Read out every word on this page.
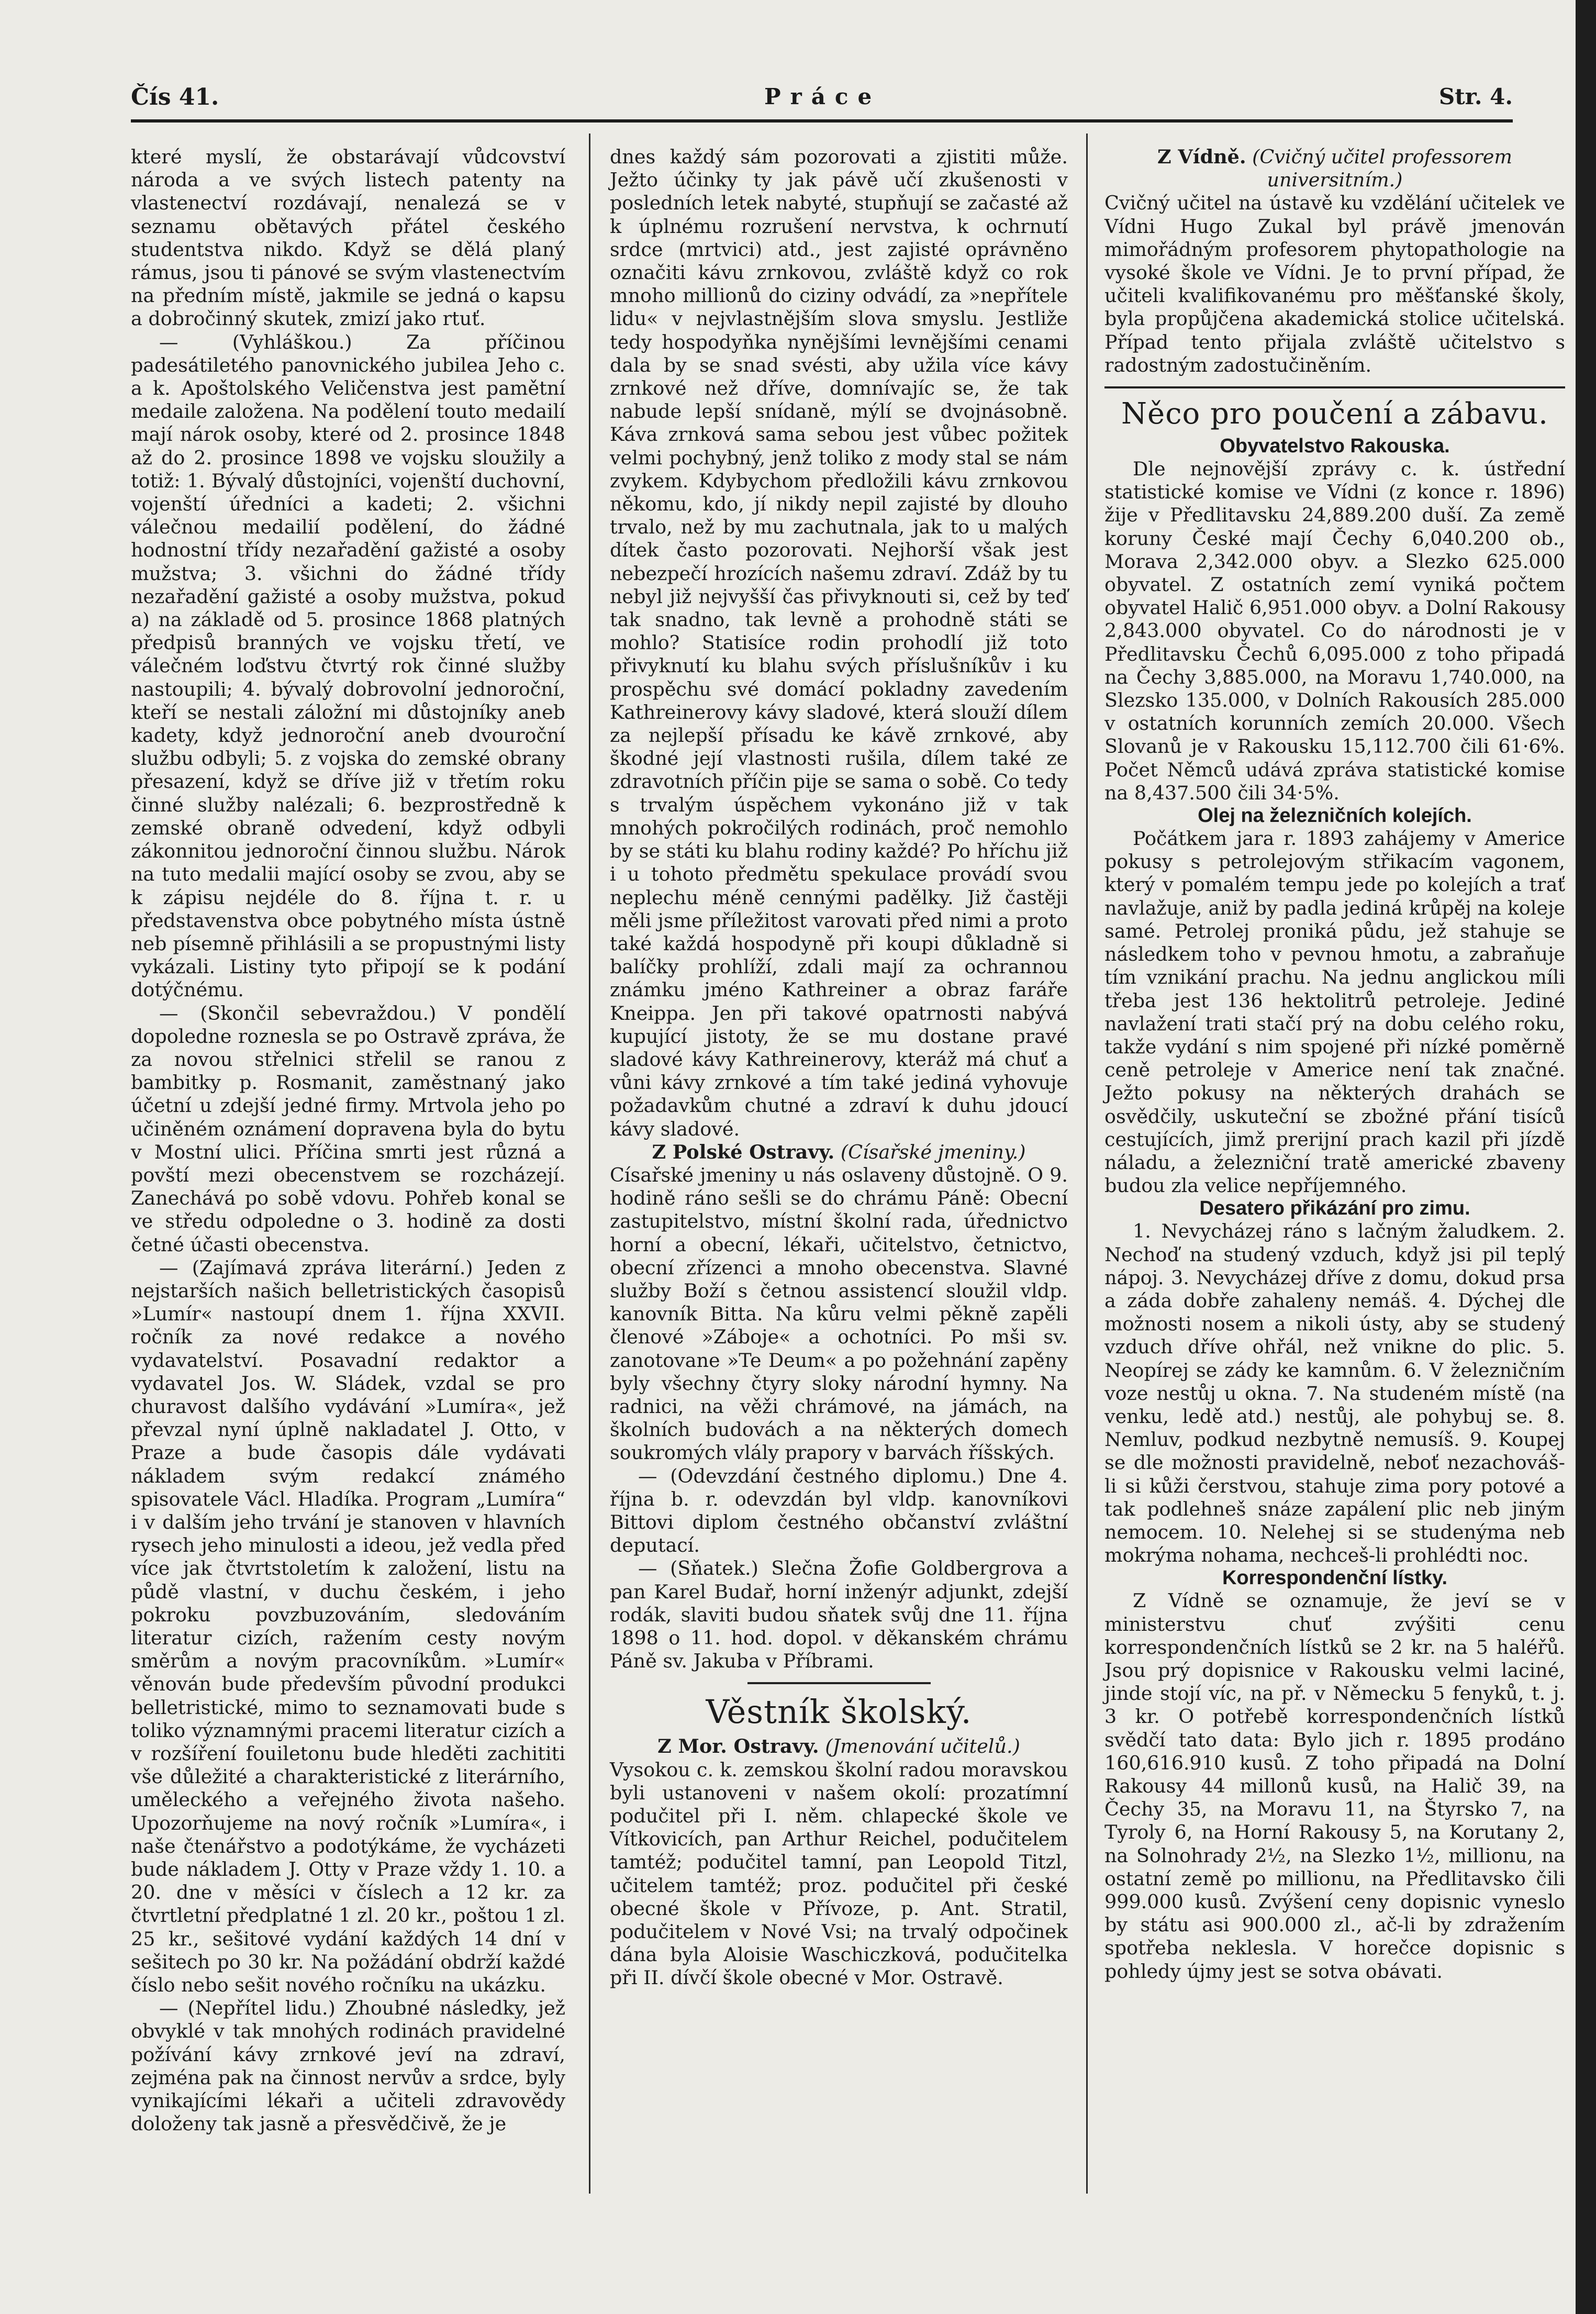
Čís 41.	Práce	Str. 4.

které myslí, že obstarávají vůdcovství národa a ve svých listech patenty na vlastenectví rozdávají, nenalezá se v seznamu obětavých přátel českého studentstva nikdo. Když se dělá planý rámus, jsou ti pánové se svým vlastenectvím na předním místě, jakmile se jedná o kapsu a dobročinný skutek, zmizí jako rtuť.

— (Vyhláškou.) Za příčinou padesátiletého panovnického jubilea Jeho c. a k. Apoštolského Veličenstva jest pamětní medaile založena. Na podělení touto medailí mají nárok osoby, které od 2. prosince 1848 až do 2. prosince 1898 ve vojsku sloužily a totiž: 1. Bývalý důstojníci, vojenští duchovní, vojenští úředníci a kadeti; 2. všichni válečnou medailií podělení, do žádné hodnostní třídy nezařadění gažisté a osoby mužstva; 3. všichni do žádné třídy nezařadění gažisté a osoby mužstva, pokud a) na základě od 5. prosince 1868 platných předpisů branných ve vojsku třetí, ve válečném loďstvu čtvrtý rok činné služby nastoupili; 4. bývalý dobrovolní jednoroční, kteří se nestali záložní mi důstojníky aneb kadety, když jednoroční aneb dvouroční službu odbyli; 5. z vojska do zemské obrany přesazení, když se dříve již v třetím roku činné služby nalézali; 6. bezprostředně k zemské obraně odvedení, když odbyli zákonnitou jednoroční činnou službu. Nárok na tuto medalii mající osoby se zvou, aby se k zápisu nejdéle do 8. října t. r. u představenstva obce pobytného místa ústně neb písemně přihlásili a se propustnými listy vykázali. Listiny tyto připojí se k podání dotýčnému.

— (Skončil sebevraždou.) V pondělí dopoledne roznesla se po Ostravě zpráva, že za novou střelnici střelil se ranou z bambitky p. Rosmanit, zaměstnaný jako účetní u zdejší jedné firmy. Mrtvola jeho po učiněném oznámení dopravena byla do bytu v Mostní ulici. Příčina smrti jest různá a povští mezi obecenstvem se rozcházejí. Zanechává po sobě vdovu. Pohřeb konal se ve středu odpoledne o 3. hodině za dosti četné účasti obecenstva.

— (Zajímavá zpráva literární.) Jeden z nejstarších našich belletristických časopisů »Lumír« nastoupí dnem 1. října XXVII. ročník za nové redakce a nového vydavatelství. Posavadní redaktor a vydavatel Jos. W. Sládek, vzdal se pro churavost dalšího vydávání »Lumíra«, jež převzal nyní úplně nakladatel J. Otto, v Praze a bude časopis dále vydávati nákladem svým redakcí známého spisovatele Václ. Hladíka. Program „Lumíra“ i v dalším jeho trvání je stanoven v hlavních rysech jeho minulosti a ideou, jež vedla před více jak čtvrtstoletím k založení, listu na půdě vlastní, v duchu českém, i jeho pokroku povzbuzováním, sledováním literatur cizích, ražením cesty novým směrům a novým pracovníkům. »Lumír« věnován bude především původní produkci belletristické, mimo to seznamovati bude s toliko významnými pracemi literatur cizích a v rozšíření fouiletonu bude hleděti zachititi vše důležité a charakteristické z literárního, uměleckého a veřejného života našeho. Upozorňujeme na nový ročník »Lumíra«, i naše čtenářstvo a podotýkáme, že vycházeti bude nákladem J. Otty v Praze vždy 1. 10. a 20. dne v měsíci v číslech a 12 kr. za čtvrtletní předplatné 1 zl. 20 kr., poštou 1 zl. 25 kr., sešitové vydání každých 14 dní v sešitech po 30 kr. Na požádání obdrží každé číslo nebo sešit nového ročníku na ukázku.

— (Nepřítel lidu.) Zhoubné následky, jež obvyklé v tak mnohých rodinách pravidelné požívání kávy zrnkové jeví na zdraví, zejména pak na činnost nervův a srdce, byly vynikajícími lékaři a učiteli zdravovědy doloženy tak jasně a přesvědčivě, že je

dnes každý sám pozorovati a zjistiti může. Ježto účinky ty jak pávě učí zkušenosti v posledních letek nabyté, stupňují se začasté až k úplnému rozrušení nervstva, k ochrnutí srdce (mrtvici) atd., jest zajisté oprávněno označiti kávu zrnkovou, zvláště když co rok mnoho millionů do ciziny odvádí, za »nepřítele lidu« v nejvlastnějším slova smyslu. Jestliže tedy hospodyňka nynějšími levnějšími cenami dala by se snad svésti, aby užila více kávy zrnkové než dříve, domnívajíc se, že tak nabude lepší snídaně, mýlí se dvojnásobně. Káva zrnková sama sebou jest vůbec požitek velmi pochybný, jenž toliko z mody stal se nám zvykem. Kdybychom předložili kávu zrnkovou někomu, kdo, jí nikdy nepil zajisté by dlouho trvalo, než by mu zachutnala, jak to u malých dítek často pozorovati. Nejhorší však jest nebezpečí hrozících našemu zdraví. Zdáž by tu nebyl již nejvyšší čas přivyknouti si, cež by teď tak snadno, tak levně a prohodně státi se mohlo? Statisíce rodin prohodlí již toto přivyknutí ku blahu svých příslušníkův i ku prospěchu své domácí pokladny zavedením Kathreinerovy kávy sladové, která slouží dílem za nejlepší přísadu ke kávě zrnkové, aby škodné její vlastnosti rušila, dílem také ze zdravotních příčin pije se sama o sobě. Co tedy s trvalým úspěchem vykonáno již v tak mnohých pokročilých rodinách, proč nemohlo by se státi ku blahu rodiny každé? Po hříchu již i u tohoto předmětu spekulace provádí svou neplechu méně cennými padělky. Již častěji měli jsme příležitost varovati před nimi a proto také každá hospodyně při koupi důkladně si balíčky prohlíží, zdali mají za ochrannou známku jméno Kathreiner a obraz faráře Kneippa. Jen při takové opatrnosti nabývá kupující jistoty, že se mu dostane pravé sladové kávy Kathreinerovy, kteráž má chuť a vůni kávy zrnkové a tím také jediná vyhovuje požadavkům chutné a zdraví k duhu jdoucí kávy sladové.

Z Polské Ostravy. (Císařské jmeniny.)

Císařské jmeniny u nás oslaveny důstojně. O 9. hodině ráno sešli se do chrámu Páně: Obecní zastupitelstvo, místní školní rada, úřednictvo horní a obecní, lékaři, učitelstvo, četnictvo, obecní zřízenci a mnoho obecenstva. Slavné služby Boží s četnou assistencí sloužil vldp. kanovník Bitta. Na kůru velmi pěkně zapěli členové »Záboje« a ochotníci. Po mši sv. zanotovane »Te Deum« a po požehnání zapěny byly všechny čtyry sloky národní hymny. Na radnici, na věži chrámové, na jámách, na školních budovách a na některých domech soukromých vlály prapory v barvách říšských.

— (Odevzdání čestného diplomu.) Dne 4. října b. r. odevzdán byl vldp. kanovníkovi Bittovi diplom čestného občanství zvláštní deputací.

— (Sňatek.) Slečna Žofie Goldbergrova a pan Karel Budař, horní inženýr adjunkt, zdejší rodák, slaviti budou sňatek svůj dne 11. října 1898 o 11. hod. dopol. v děkanském chrámu Páně sv. Jakuba v Příbrami.

Věstník školský.

Z Mor. Ostravy. (Jmenování učitelů.)

Vysokou c. k. zemskou školní radou moravskou byli ustanoveni v našem okolí: prozatímní podučitel při I. něm. chlapecké škole ve Vítkovicích, pan Arthur Reichel, podučitelem tamtéž; podučitel tamní, pan Leopold Titzl, učitelem tamtéž; proz. podučitel při české obecné škole v Přívoze, p. Ant. Stratil, podučitelem v Nové Vsi; na trvalý odpočinek dána byla Aloisie Waschiczková, podučitelka při II. dívčí škole obecné v Mor. Ostravě.

Z Vídně. (Cvičný učitel professorem universitním.)

Cvičný učitel na ústavě ku vzdělání učitelek ve Vídni Hugo Zukal byl právě jmenován mimořádným profesorem phytopathologie na vysoké škole ve Vídni. Je to první případ, že učiteli kvalifikovanému pro měšťanské školy, byla propůjčena akademická stolice učitelská. Případ tento přijala zvláště učitelstvo s radostným zadostučiněním.

Něco pro poučení a zábavu.
Obyvatelstvo Rakouska.

Dle nejnovější zprávy c. k. ústřední statistické komise ve Vídni (z konce r. 1896) žije v Předlitavsku 24,889.200 duší. Za země koruny České mají Čechy 6,040.200 ob., Morava 2,342.000 obyv. a Slezko 625.000 obyvatel. Z ostatních zemí vyniká počtem obyvatel Halič 6,951.000 obyv. a Dolní Rakousy 2,843.000 obyvatel. Co do národnosti je v Předlitavsku Čechů 6,095.000 z toho připadá na Čechy 3,885.000, na Moravu 1,740.000, na Slezsko 135.000, v Dolních Rakousích 285.000 v ostatních korunních zemích 20.000. Všech Slovanů je v Rakousku 15,112.700 čili 61·6%. Počet Němců udává zpráva statistické komise na 8,437.500 čili 34·5%.

Olej na železničních kolejích.

Počátkem jara r. 1893 zahájemy v Americe pokusy s petrolejovým střikacím vagonem, který v pomalém tempu jede po kolejích a trať navlažuje, aniž by padla jediná krůpěj na koleje samé. Petrolej proniká půdu, jež stahuje se následkem toho v pevnou hmotu, a zabraňuje tím vznikání prachu. Na jednu anglickou míli třeba jest 136 hektolitrů petroleje. Jediné navlažení trati stačí prý na dobu celého roku, takže vydání s nim spojené při nízké poměrně ceně petroleje v Americe není tak značné. Ježto pokusy na některých drahách se osvědčily, uskuteční se zbožné přání tisíců cestujících, jimž prerijní prach kazil při jízdě náladu, a železniční tratě americké zbaveny budou zla velice nepříjemného.

Desatero přikázání pro zimu.

1. Nevycházej ráno s lačným žaludkem. 2. Nechoď na studený vzduch, když jsi pil teplý nápoj. 3. Nevycházej dříve z domu, dokud prsa a záda dobře zahaleny nemáš. 4. Dýchej dle možnosti nosem a nikoli ústy, aby se studený vzduch dříve ohřál, než vnikne do plic. 5. Neopírej se zády ke kamnům. 6. V železničním voze nestůj u okna. 7. Na studeném místě (na venku, ledě atd.) nestůj, ale pohybuj se. 8. Nemluv, podkud nezbytně nemusíš. 9. Koupej se dle možnosti pravidelně, neboť nezachováš-li si kůži čerstvou, stahuje zima pory potové a tak podlehneš snáze zapálení plic neb jiným nemocem. 10. Nelehej si se studenýma neb mokrýma nohama, nechceš-li prohlédti noc.

Korrespondenční lístky.

Z Vídně se oznamuje, že jeví se v ministerstvu chuť zvýšiti cenu korrespondenčních lístků se 2 kr. na 5 haléřů. Jsou prý dopisnice v Rakousku velmi laciné, jinde stojí víc, na př. v Německu 5 fenyků, t. j. 3 kr. O potřebě korrespondenčních lístků svědčí tato data: Bylo jich r. 1895 prodáno 160,616.910 kusů. Z toho připadá na Dolní Rakousy 44 millonů kusů, na Halič 39, na Čechy 35, na Moravu 11, na Štyrsko 7, na Tyroly 6, na Horní Rakousy 5, na Korutany 2, na Solnohrady 2½, na Slezko 1½, millionu, na ostatní země po millionu, na Předlitavsko čili 999.000 kusů. Zvýšení ceny dopisnic vyneslo by státu asi 900.000 zl., ač-li by zdražením spotřeba neklesla. V horečce dopisnic s pohledy újmy jest se sotva obávati.
